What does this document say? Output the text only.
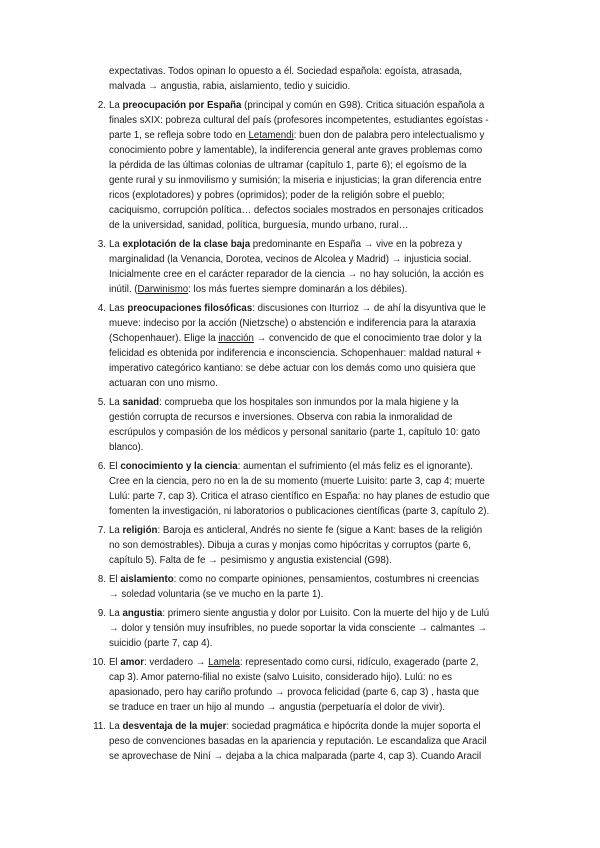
expectativas. Todos opinan lo opuesto a él. Sociedad española: egoísta, atrasada,
malvada → angustia, rabia, aislamiento, tedio y suicidio.
2. La preocupación por España (principal y común en G98). Critica situación española a
finales sXIX: pobreza cultural del país (profesores incompetentes, estudiantes egoístas -
parte 1, se refleja sobre todo en Letamendi: buen don de palabra pero intelectualismo y
conocimiento pobre y lamentable), la indiferencia general ante graves problemas como
la pérdida de las últimas colonias de ultramar (capítulo 1, parte 6); el egoísmo de la
gente rural y su inmovilismo y sumisión; la miseria e injusticias; la gran diferencia entre
ricos (explotadores) y pobres (oprimidos); poder de la religión sobre el pueblo;
caciquismo, corrupción política… defectos sociales mostrados en personajes criticados
de la universidad, sanidad, política, burguesía, mundo urbano, rural…
3. La explotación de la clase baja predominante en España → vive en la pobreza y
marginalidad (la Venancia, Dorotea, vecinos de Alcolea y Madrid) → injusticia social.
Inicialmente cree en el carácter reparador de la ciencia → no hay solución, la acción es
inútil. (Darwinismo: los más fuertes siempre dominarán a los débiles).
4. Las preocupaciones filosóficas: discusiones con Iturrioz → de ahí la disyuntiva que le
mueve: indeciso por la acción (Nietzsche) o abstención e indiferencia para la ataraxia
(Schopenhauer). Elige la inacción → convencido de que el conocimiento trae dolor y la
felicidad es obtenida por indiferencia e inconsciencia. Schopenhauer: maldad natural +
imperativo categórico kantiano: se debe actuar con los demás como uno quisiera que
actuaran con uno mismo.
5. La sanidad: comprueba que los hospitales son inmundos por la mala higiene y la
gestión corrupta de recursos e inversiones. Observa con rabia la inmoralidad de
escrúpulos y compasión de los médicos y personal sanitario (parte 1, capítulo 10: gato
blanco).
6. El conocimiento y la ciencia: aumentan el sufrimiento (el más feliz es el ignorante).
Cree en la ciencia, pero no en la de su momento (muerte Luisito: parte 3, cap 4; muerte
Lulú: parte 7, cap 3). Critica el atraso científico en España: no hay planes de estudio que
fomenten la investigación, ni laboratorios o publicaciones científicas (parte 3, capítulo 2).
7. La religión: Baroja es anticleral, Andrés no siente fe (sigue a Kant: bases de la religión
no son demostrables). Dibuja a curas y monjas como hipócritas y corruptos (parte 6,
capítulo 5). Falta de fe → pesimismo y angustia existencial (G98).
8. El aislamiento: como no comparte opiniones, pensamientos, costumbres ni creencias
→ soledad voluntaria (se ve mucho en la parte 1).
9. La angustia: primero siente angustia y dolor por Luisito. Con la muerte del hijo y de Lulú
→ dolor y tensión muy insufribles, no puede soportar la vida consciente → calmantes →
suicidio (parte 7, cap 4).
10. El amor: verdadero → Lamela: representado como cursi, ridículo, exagerado (parte 2,
cap 3). Amor paterno-filial no existe (salvo Luisito, considerado hijo). Lulú: no es
apasionado, pero hay cariño profundo → provoca felicidad (parte 6, cap 3) , hasta que
se traduce en traer un hijo al mundo → angustia (perpetuaría el dolor de vivir).
11. La desventaja de la mujer: sociedad pragmática e hipócrita donde la mujer soporta el
peso de convenciones basadas en la apariencia y reputación. Le escandaliza que Aracil
se aprovechase de Niní → dejaba a la chica malparada (parte 4, cap 3). Cuando Aracil
